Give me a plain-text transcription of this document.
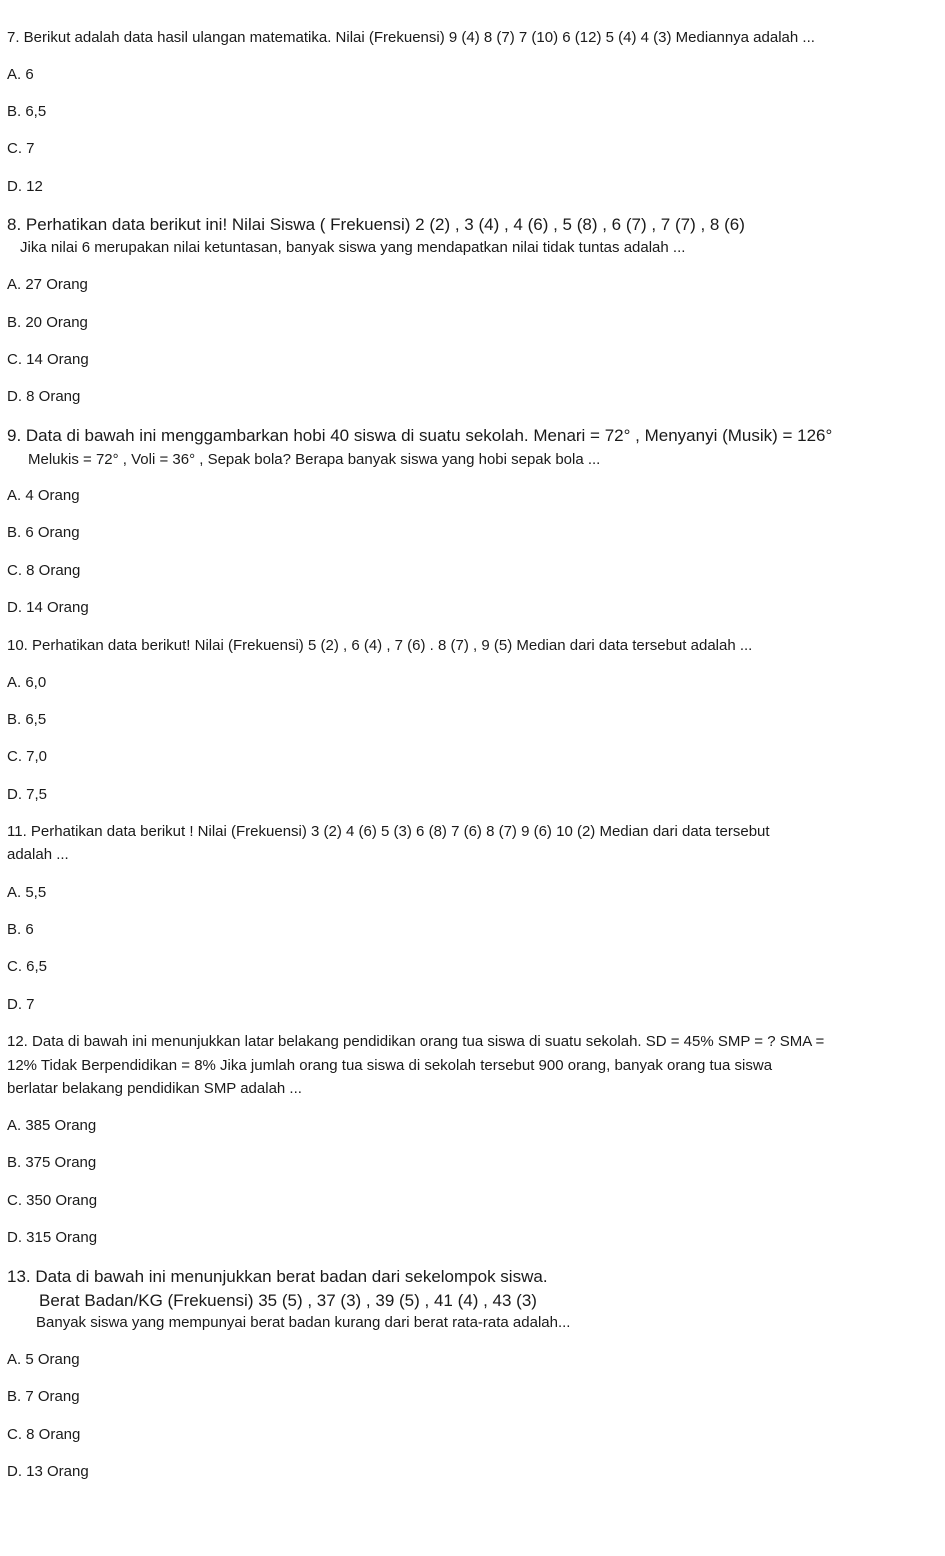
7. Berikut adalah data hasil ulangan matematika. Nilai (Frekuensi) 9 (4) 8 (7) 7 (10) 6 (12) 5 (4) 4 (3) Mediannya adalah ...
A. 6
B. 6,5
C. 7
D. 12
8. Perhatikan data berikut ini! Nilai Siswa ( Frekuensi) 2 (2) , 3 (4) , 4 (6) , 5 (8) , 6 (7) , 7 (7) , 8 (6)
Jika nilai 6 merupakan nilai ketuntasan, banyak siswa yang mendapatkan nilai tidak tuntas adalah ...
A. 27 Orang
B. 20 Orang
C. 14 Orang
D. 8 Orang
9. Data di bawah ini menggambarkan hobi 40 siswa di suatu sekolah. Menari = 72° , Menyanyi (Musik) = 126°
Melukis = 72° , Voli = 36° , Sepak bola? Berapa banyak siswa yang hobi sepak bola ...
A. 4 Orang
B. 6 Orang
C. 8 Orang
D. 14 Orang
10. Perhatikan data berikut! Nilai (Frekuensi) 5 (2) , 6 (4) , 7 (6) . 8 (7) , 9 (5) Median dari data tersebut adalah ...
A. 6,0
B. 6,5
C. 7,0
D. 7,5
11. Perhatikan data berikut ! Nilai (Frekuensi) 3 (2) 4 (6) 5 (3) 6 (8) 7 (6) 8 (7) 9 (6) 10 (2) Median dari data tersebut
adalah ...
A. 5,5
B. 6
C. 6,5
D. 7
12. Data di bawah ini menunjukkan latar belakang pendidikan orang tua siswa di suatu sekolah. SD = 45% SMP = ? SMA =
12% Tidak Berpendidikan = 8% Jika jumlah orang tua siswa di sekolah tersebut 900 orang, banyak orang tua siswa
berlatar belakang pendidikan SMP adalah ...
A. 385 Orang
B. 375 Orang
C. 350 Orang
D. 315 Orang
13. Data di bawah ini menunjukkan berat badan dari sekelompok siswa.
Berat Badan/KG (Frekuensi) 35 (5) , 37 (3) , 39 (5) , 41 (4) , 43 (3)
Banyak siswa yang mempunyai berat badan kurang dari berat rata-rata adalah...
A. 5 Orang
B. 7 Orang
C. 8 Orang
D. 13 Orang
